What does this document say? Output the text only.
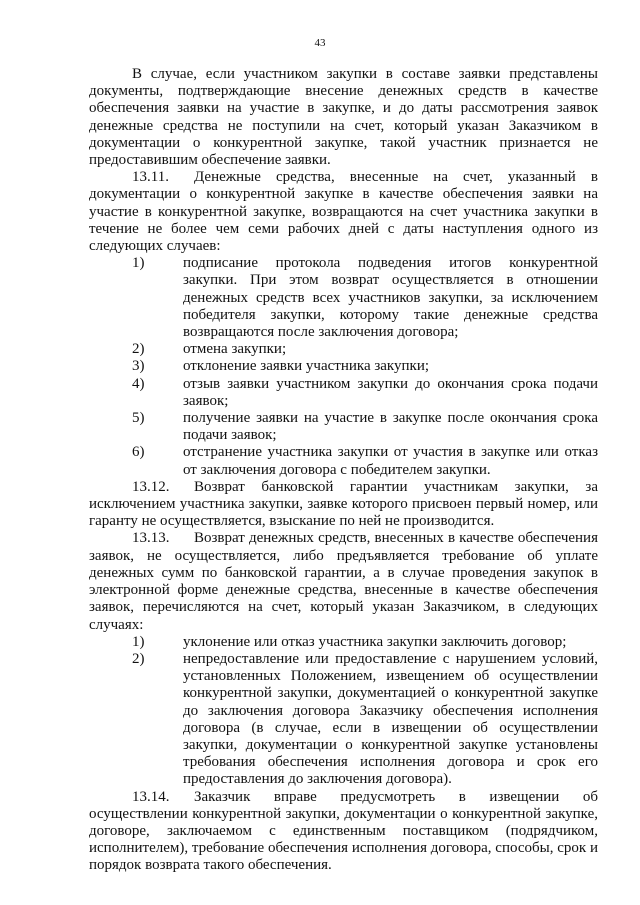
43

В случае, если участником закупки в составе заявки представлены документы, подтверждающие внесение денежных средств в качестве обеспечения заявки на участие в закупке, и до даты рассмотрения заявок денежные средства не поступили на счет, который указан Заказчиком в документации о конкурентной закупке, такой участник признается не предоставившим обеспечение заявки.

13.11. Денежные средства, внесенные на счет, указанный в документации о конкурентной закупке в качестве обеспечения заявки на участие в конкурентной закупке, возвращаются на счет участника закупки в течение не более чем семи рабочих дней с даты наступления одного из следующих случаев:

1)	подписание протокола подведения итогов конкурентной закупки. При этом возврат осуществляется в отношении денежных средств всех участников закупки, за исключением победителя закупки, которому такие денежные средства возвращаются после заключения договора;

2)	отмена закупки;

3)	отклонение заявки участника закупки;

4)	отзыв заявки участником закупки до окончания срока подачи заявок;

5)	получение заявки на участие в закупке после окончания срока подачи заявок;

6)	отстранение участника закупки от участия в закупке или отказ от заключения договора с победителем закупки.

13.12. Возврат банковской гарантии участникам закупки, за исключением участника закупки, заявке которого присвоен первый номер, или гаранту не осуществляется, взыскание по ней не производится.

13.13. Возврат денежных средств, внесенных в качестве обеспечения заявок, не осуществляется, либо предъявляется требование об уплате денежных сумм по банковской гарантии, а в случае проведения закупок в электронной форме денежные средства, внесенные в качестве обеспечения заявок, перечисляются на счет, который указан Заказчиком, в следующих случаях:

1)	уклонение или отказ участника закупки заключить договор;

2)	непредоставление или предоставление с нарушением условий, установленных Положением, извещением об осуществлении конкурентной закупки, документацией о конкурентной закупке до заключения договора Заказчику обеспечения исполнения договора (в случае, если в извещении об осуществлении закупки, документации о конкурентной закупке установлены требования обеспечения исполнения договора и срок его предоставления до заключения договора).

13.14. Заказчик вправе предусмотреть в извещении об осуществлении конкурентной закупки, документации о конкурентной закупке, договоре, заключаемом с единственным поставщиком (подрядчиком, исполнителем), требование обеспечения исполнения договора, способы, срок и порядок возврата такого обеспечения.
